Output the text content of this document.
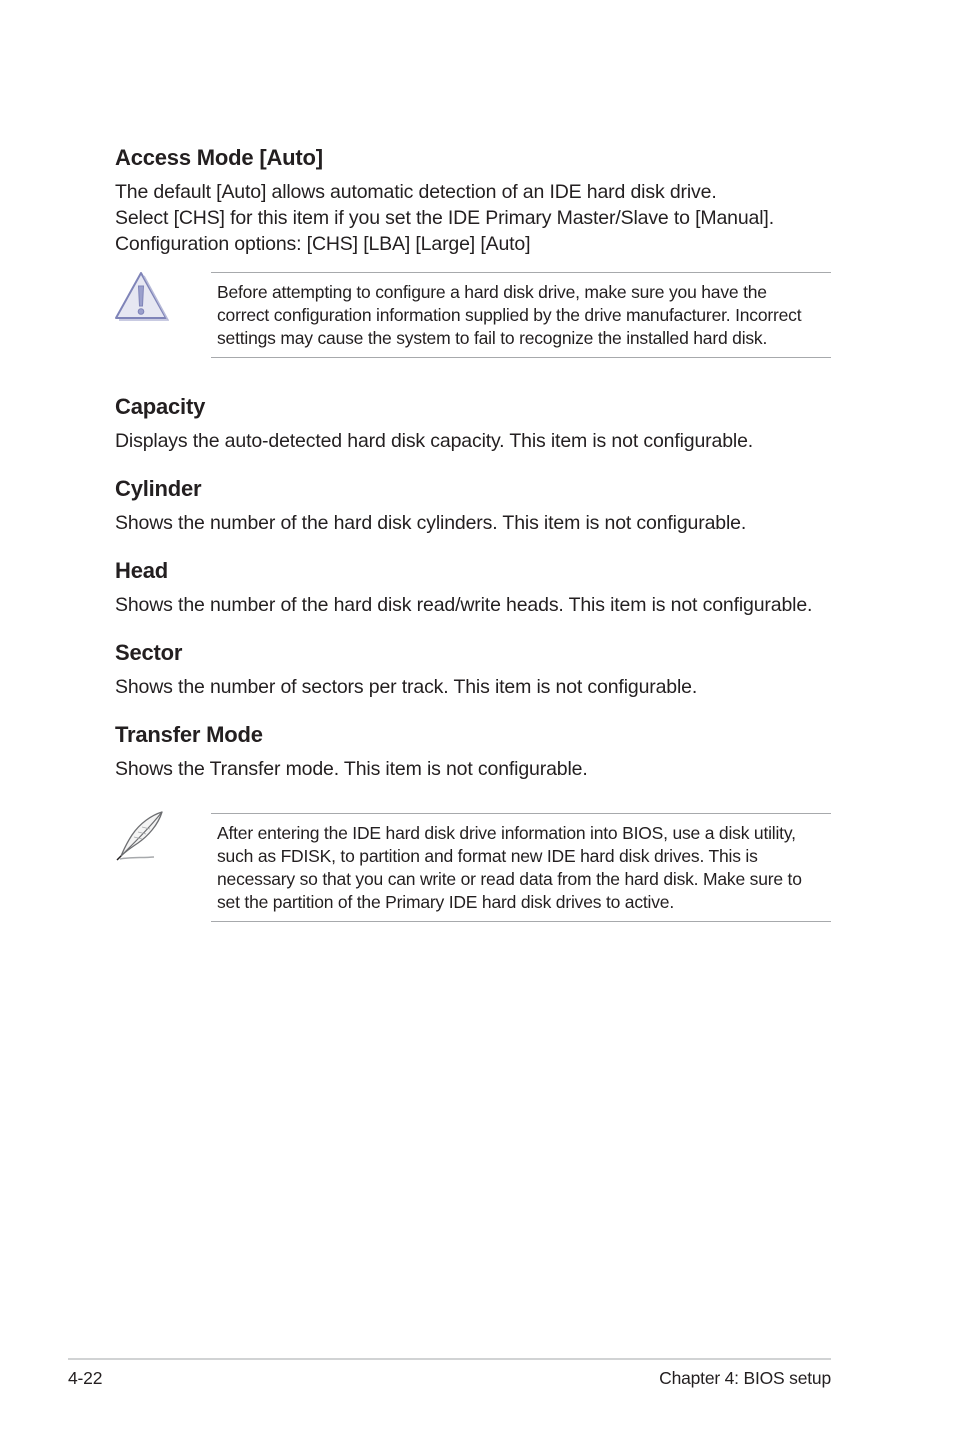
Access Mode [Auto]
The default [Auto] allows automatic detection of an IDE hard disk drive.
Select [CHS] for this item if you set the IDE Primary Master/Slave to [Manual].
Configuration options: [CHS] [LBA] [Large] [Auto]
Before attempting to configure a hard disk drive, make sure you have the
correct configuration information supplied by the drive manufacturer. Incorrect
settings may cause the system to fail to recognize the installed hard disk.
Capacity

Displays the auto-detected hard disk capacity. This item is not configurable.

Cylinder

Shows the number of the hard disk cylinders. This item is not configurable.

Head

Shows the number of the hard disk read/write heads. This item is not configurable.

Sector

Shows the number of sectors per track. This item is not configurable.

Transfer Mode

Shows the Transfer mode. This item is not configurable.

After entering the IDE hard disk drive information into BIOS, use a disk utility,
such as FDISK, to partition and format new IDE hard disk drives. This is
necessary so that you can write or read data from the hard disk. Make sure to
set the partition of the Primary IDE hard disk drives to active.
4-22	Chapter 4: BIOS setup
